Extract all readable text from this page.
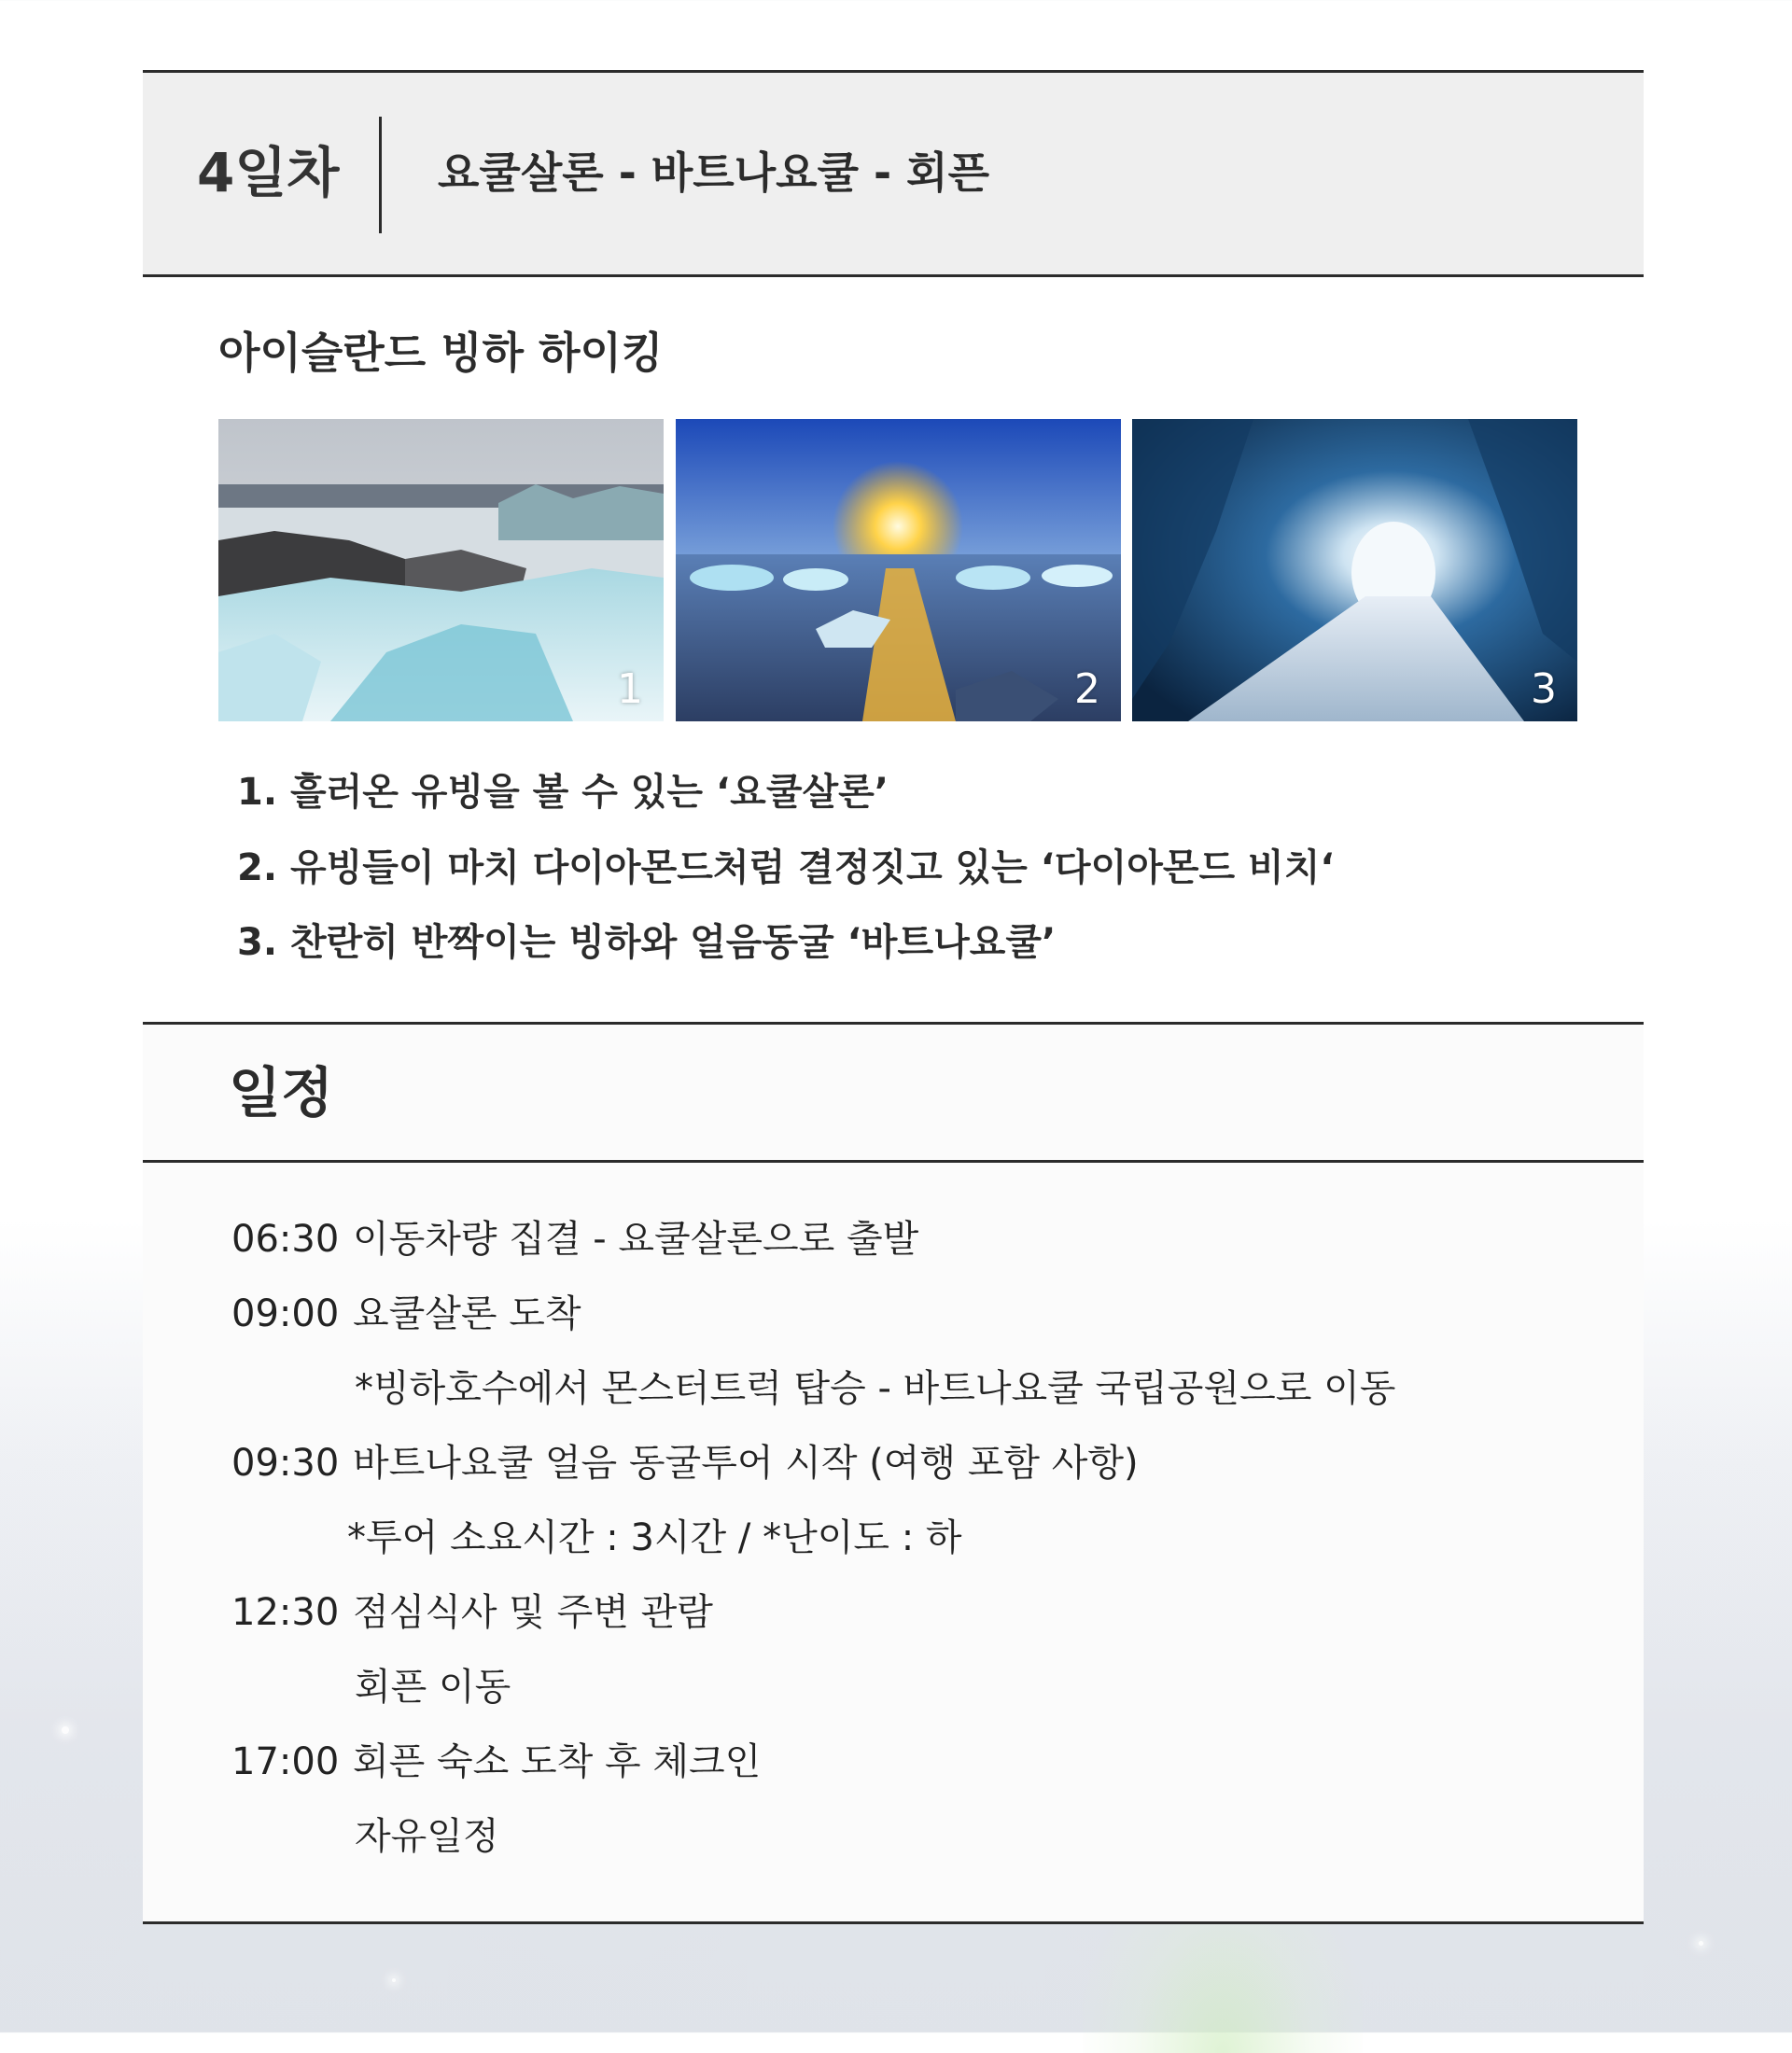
4일차 요쿨살론 - 바트나요쿨 - 회픈
아이슬란드 빙하 하이킹
1	2	3
1. 흘러온 유빙을 볼 수 있는 ‘요쿨살론’
2. 유빙들이 마치 다이아몬드처럼 결정짓고 있는 ‘다이아몬드 비치‘
3. 찬란히 반짝이는 빙하와 얼음동굴 ‘바트나요쿨’
일정
06:30 이동차량 집결 - 요쿨살론으로 출발
09:00 요쿨살론 도착
*빙하호수에서 몬스터트럭 탑승 - 바트나요쿨 국립공원으로 이동
09:30 바트나요쿨 얼음 동굴투어 시작 (여행 포함 사항)
*투어 소요시간 : 3시간 / *난이도 : 하
12:30 점심식사 및 주변 관람
회픈 이동
17:00 회픈 숙소 도착 후 체크인
자유일정
